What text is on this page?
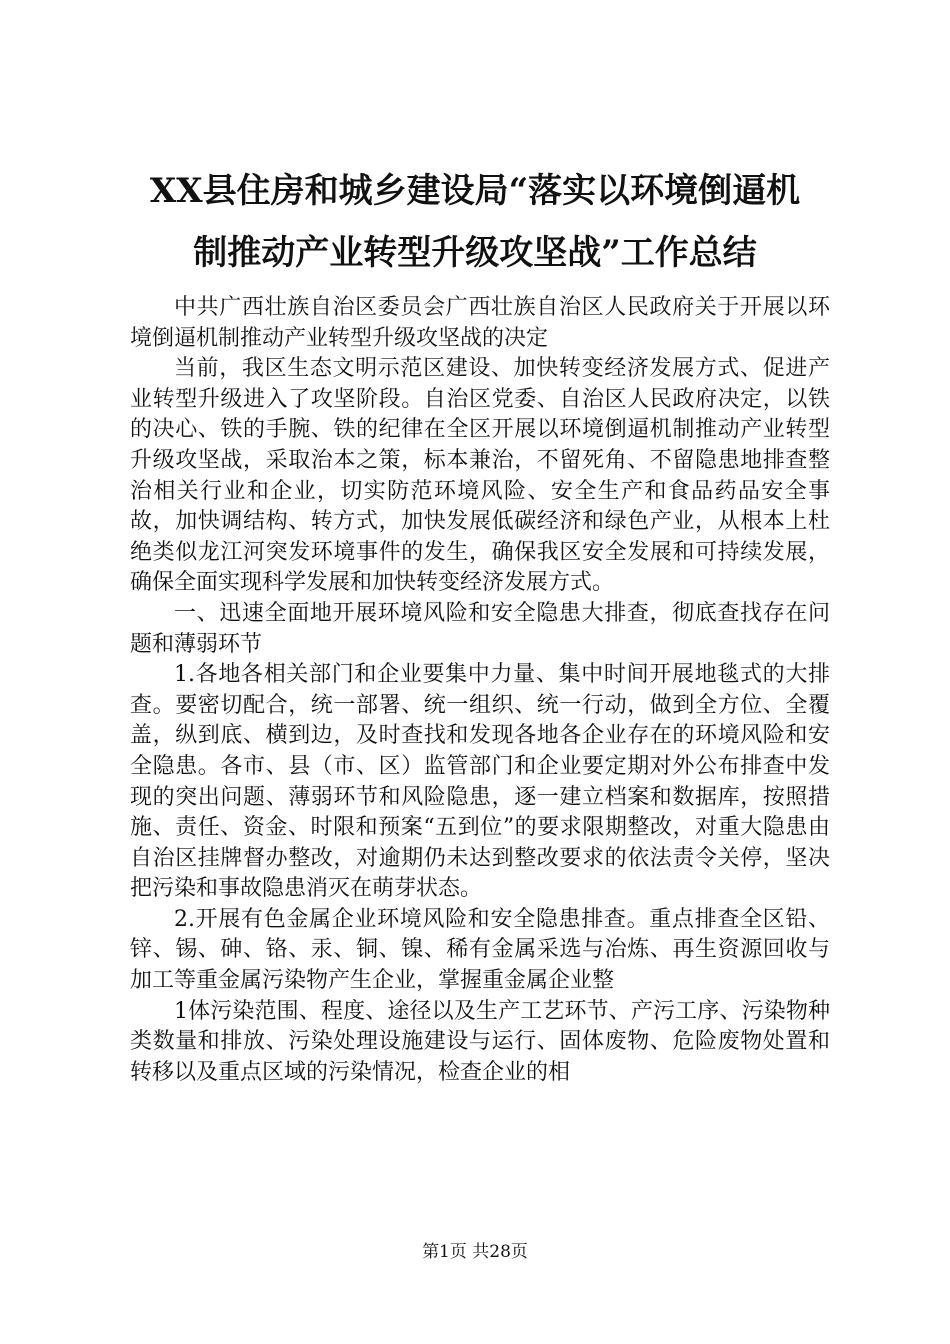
XX县住房和城乡建设局“落实以环境倒逼机
制推动产业转型升级攻坚战”工作总结

中共广西壮族自治区委员会广西壮族自治区人民政府关于开展以环境倒逼机制推动产业转型升级攻坚战的决定

当前，我区生态文明示范区建设、加快转变经济发展方式、促进产业转型升级进入了攻坚阶段。自治区党委、自治区人民政府决定，以铁的决心、铁的手腕、铁的纪律在全区开展以环境倒逼机制推动产业转型升级攻坚战，采取治本之策，标本兼治，不留死角、不留隐患地排查整治相关行业和企业，切实防范环境风险、安全生产和食品药品安全事故，加快调结构、转方式，加快发展低碳经济和绿色产业，从根本上杜绝类似龙江河突发环境事件的发生，确保我区安全发展和可持续发展，确保全面实现科学发展和加快转变经济发展方式。

一、迅速全面地开展环境风险和安全隐患大排查，彻底查找存在问题和薄弱环节

1.各地各相关部门和企业要集中力量、集中时间开展地毯式的大排查。要密切配合，统一部署、统一组织、统一行动，做到全方位、全覆盖，纵到底、横到边，及时查找和发现各地各企业存在的环境风险和安全隐患。各市、县（市、区）监管部门和企业要定期对外公布排查中发现的突出问题、薄弱环节和风险隐患，逐一建立档案和数据库，按照措施、责任、资金、时限和预案“五到位”的要求限期整改，对重大隐患由自治区挂牌督办整改，对逾期仍未达到整改要求的依法责令关停，坚决把污染和事故隐患消灭在萌芽状态。

2.开展有色金属企业环境风险和安全隐患排查。重点排查全区铅、锌、锡、砷、铬、汞、铜、镍、稀有金属采选与冶炼、再生资源回收与加工等重金属污染物产生企业，掌握重金属企业整

1体污染范围、程度、途径以及生产工艺环节、产污工序、污染物种类数量和排放、污染处理设施建设与运行、固体废物、危险废物处置和转移以及重点区域的污染情况，检查企业的相

第1页 共28页
